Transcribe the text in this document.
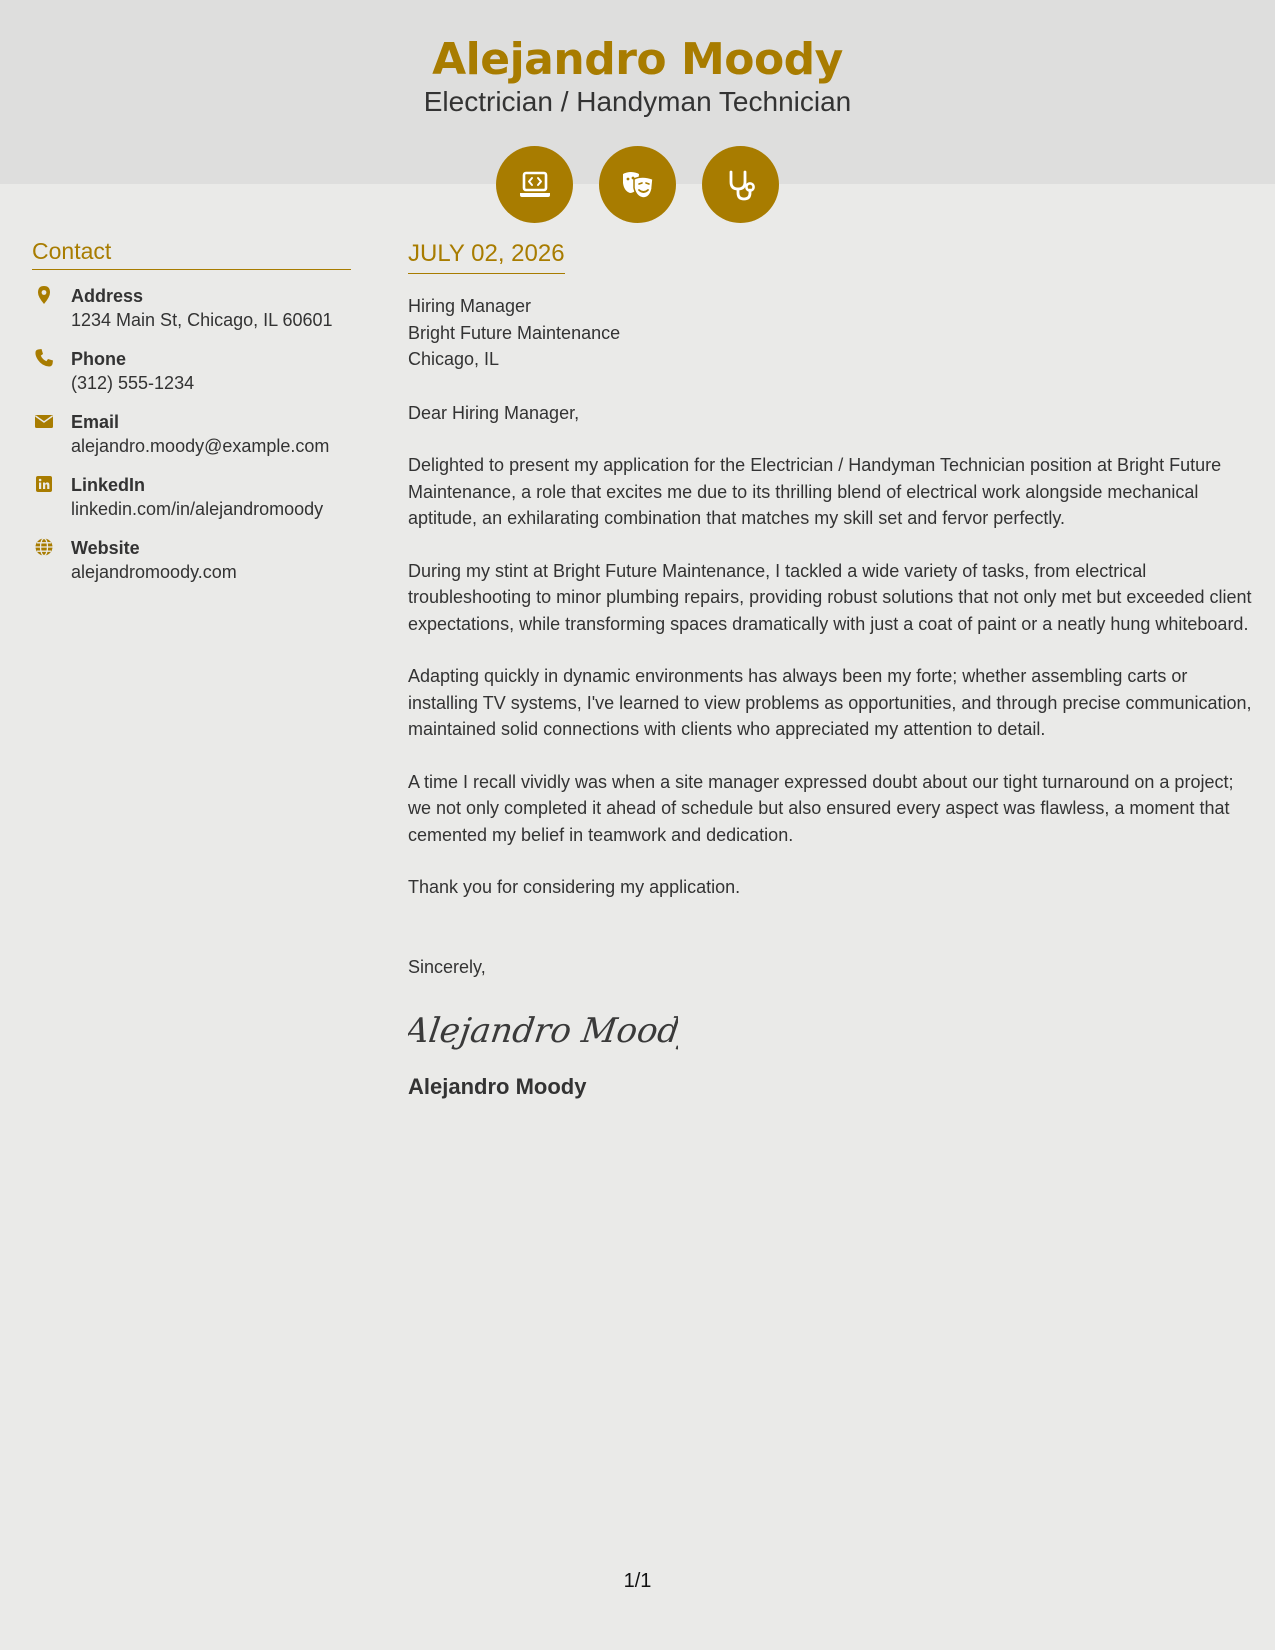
Alejandro Moody
Electrician / Handyman Technician
Contact
Address
1234 Main St, Chicago, IL 60601
Phone
(312) 555-1234
Email
alejandro.moody@example.com
LinkedIn
linkedin.com/in/alejandromoody
Website
alejandromoody.com
JULY 02, 2026
Hiring Manager
Bright Future Maintenance
Chicago, IL

Dear Hiring Manager,

Delighted to present my application for the Electrician / Handyman Technician position at Bright Future Maintenance, a role that excites me due to its thrilling blend of electrical work alongside mechanical aptitude, an exhilarating combination that matches my skill set and fervor perfectly.

During my stint at Bright Future Maintenance, I tackled a wide variety of tasks, from electrical troubleshooting to minor plumbing repairs, providing robust solutions that not only met but exceeded client expectations, while transforming spaces dramatically with just a coat of paint or a neatly hung whiteboard.

Adapting quickly in dynamic environments has always been my forte; whether assembling carts or installing TV systems, I've learned to view problems as opportunities, and through precise communication, maintained solid connections with clients who appreciated my attention to detail.

A time I recall vividly was when a site manager expressed doubt about our tight turnaround on a project; we not only completed it ahead of schedule but also ensured every aspect was flawless, a moment that cemented my belief in teamwork and dedication.

Thank you for considering my application.

Sincerely,

Alejandro Moody
Alejandro Moody
1/1
